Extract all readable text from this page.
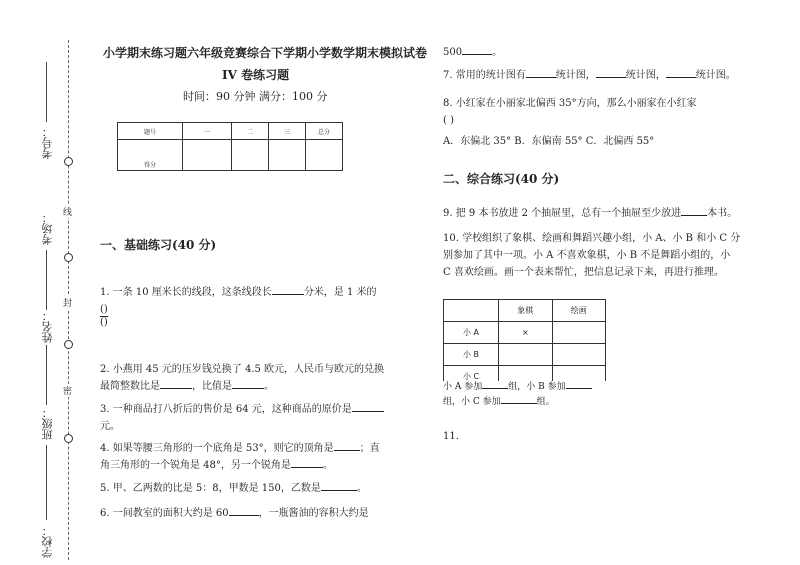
考号：
考场：
姓名：
班级：
学校：
线
封
密
小学期末练习题六年级竞赛综合下学期小学数学期末模拟试卷
IV 卷练习题
时间：90 分钟 满分：100 分
题号	一	二	三	总分
得分				
一、基础练习(40 分)
1. 一条 10 厘米长的线段，这条线段长	分米，是 1 米的
()
()
2. 小燕用 45 元的压岁钱兑换了 4.5 欧元，人民币与欧元的兑换
最简整数比是	，比值是	。
3. 一种商品打八折后的售价是 64 元，这种商品的原价是
元。
4. 如果等腰三角形的一个底角是 53°，则它的顶角是	；直
角三角形的一个锐角是 48°，另一个锐角是	。
5. 甲、乙两数的比是 5：8，甲数是 150，乙数是	。
6. 一间教室的面积大约是 60	，一瓶酱油的容积大约是
500	。
7. 常用的统计图有	统计图，	统计图，	统计图。
8. 小红家在小丽家北偏西 35°方向，那么小丽家在小红家
( )
A．东偏北 35° B．东偏南 55° C．北偏西 55°
二、综合练习(40 分)
9. 把 9 本书放进 2 个抽屉里，总有一个抽屉至少放进	本书。
10. 学校组织了象棋、绘画和舞蹈兴趣小组，小 A、小 B 和小 C 分
别参加了其中一项。小 A 不喜欢象棋，小 B 不是舞蹈小组的，小
C 喜欢绘画。画一个表来帮忙，把信息记录下来，再进行推理。
	象棋	绘画
小 A	×	
小 B		
小 C		
小 A 参加	组，小 B 参加
组，小 C 参加	组。
11.
